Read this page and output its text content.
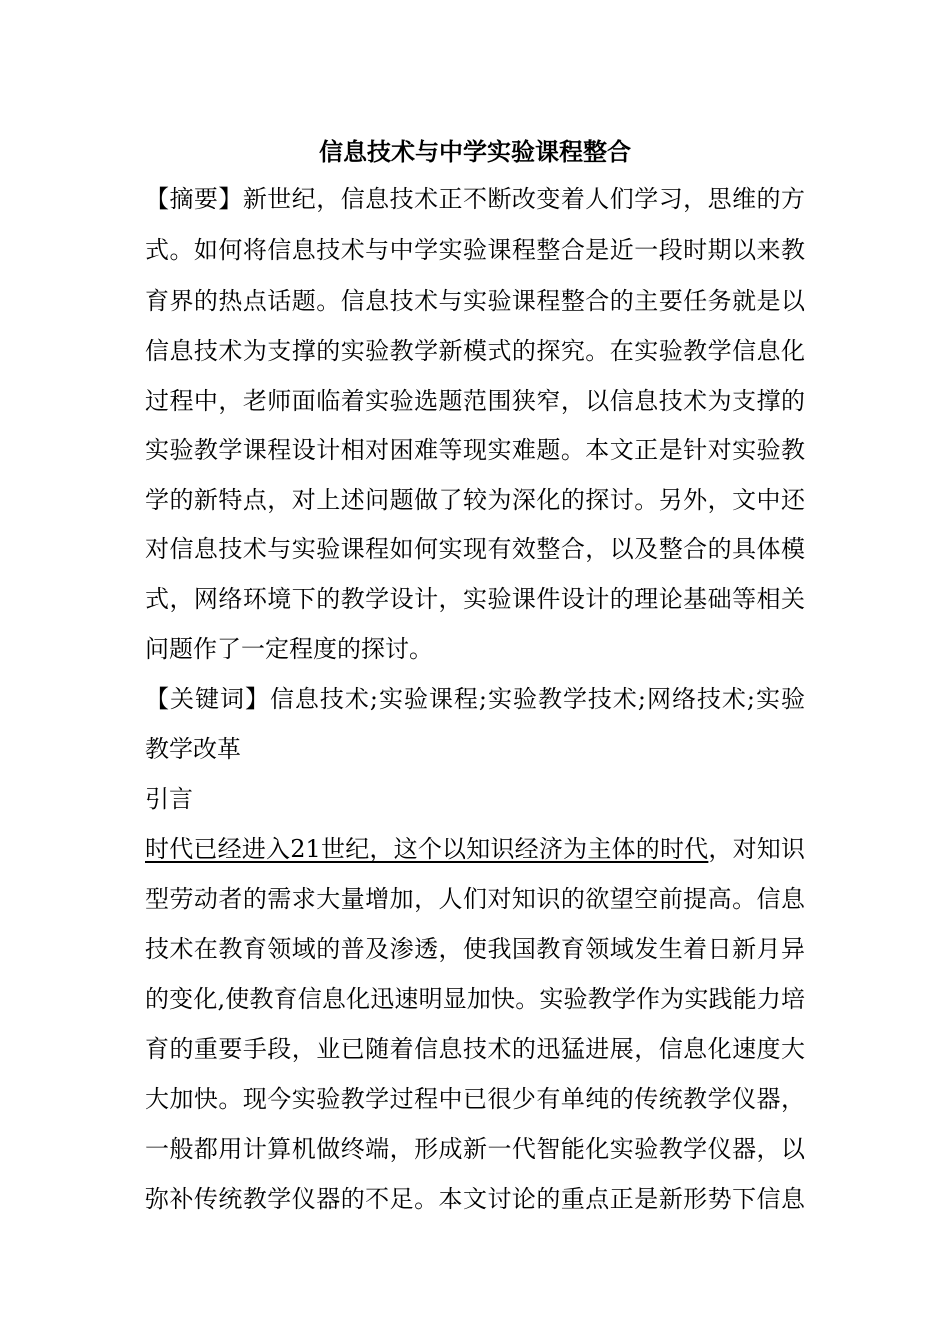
信息技术与中学实验课程整合
【摘要】新世纪，信息技术正不断改变着人们学习，思维的方
式。如何将信息技术与中学实验课程整合是近一段时期以来教
育界的热点话题。信息技术与实验课程整合的主要任务就是以
信息技术为支撑的实验教学新模式的探究。在实验教学信息化
过程中，老师面临着实验选题范围狭窄，以信息技术为支撑的
实验教学课程设计相对困难等现实难题。本文正是针对实验教
学的新特点，对上述问题做了较为深化的探讨。另外，文中还
对信息技术与实验课程如何实现有效整合，以及整合的具体模
式，网络环境下的教学设计，实验课件设计的理论基础等相关
问题作了一定程度的探讨。
【关键词】信息技术;实验课程;实验教学技术;网络技术;实验
教学改革
引言
时代已经进入21世纪，这个以知识经济为主体的时代，对知识
型劳动者的需求大量增加，人们对知识的欲望空前提高。信息
技术在教育领域的普及渗透，使我国教育领域发生着日新月异
的变化,使教育信息化迅速明显加快。实验教学作为实践能力培
育的重要手段，业已随着信息技术的迅猛进展，信息化速度大
大加快。现今实验教学过程中已很少有单纯的传统教学仪器，
一般都用计算机做终端，形成新一代智能化实验教学仪器，以
弥补传统教学仪器的不足。本文讨论的重点正是新形势下信息
